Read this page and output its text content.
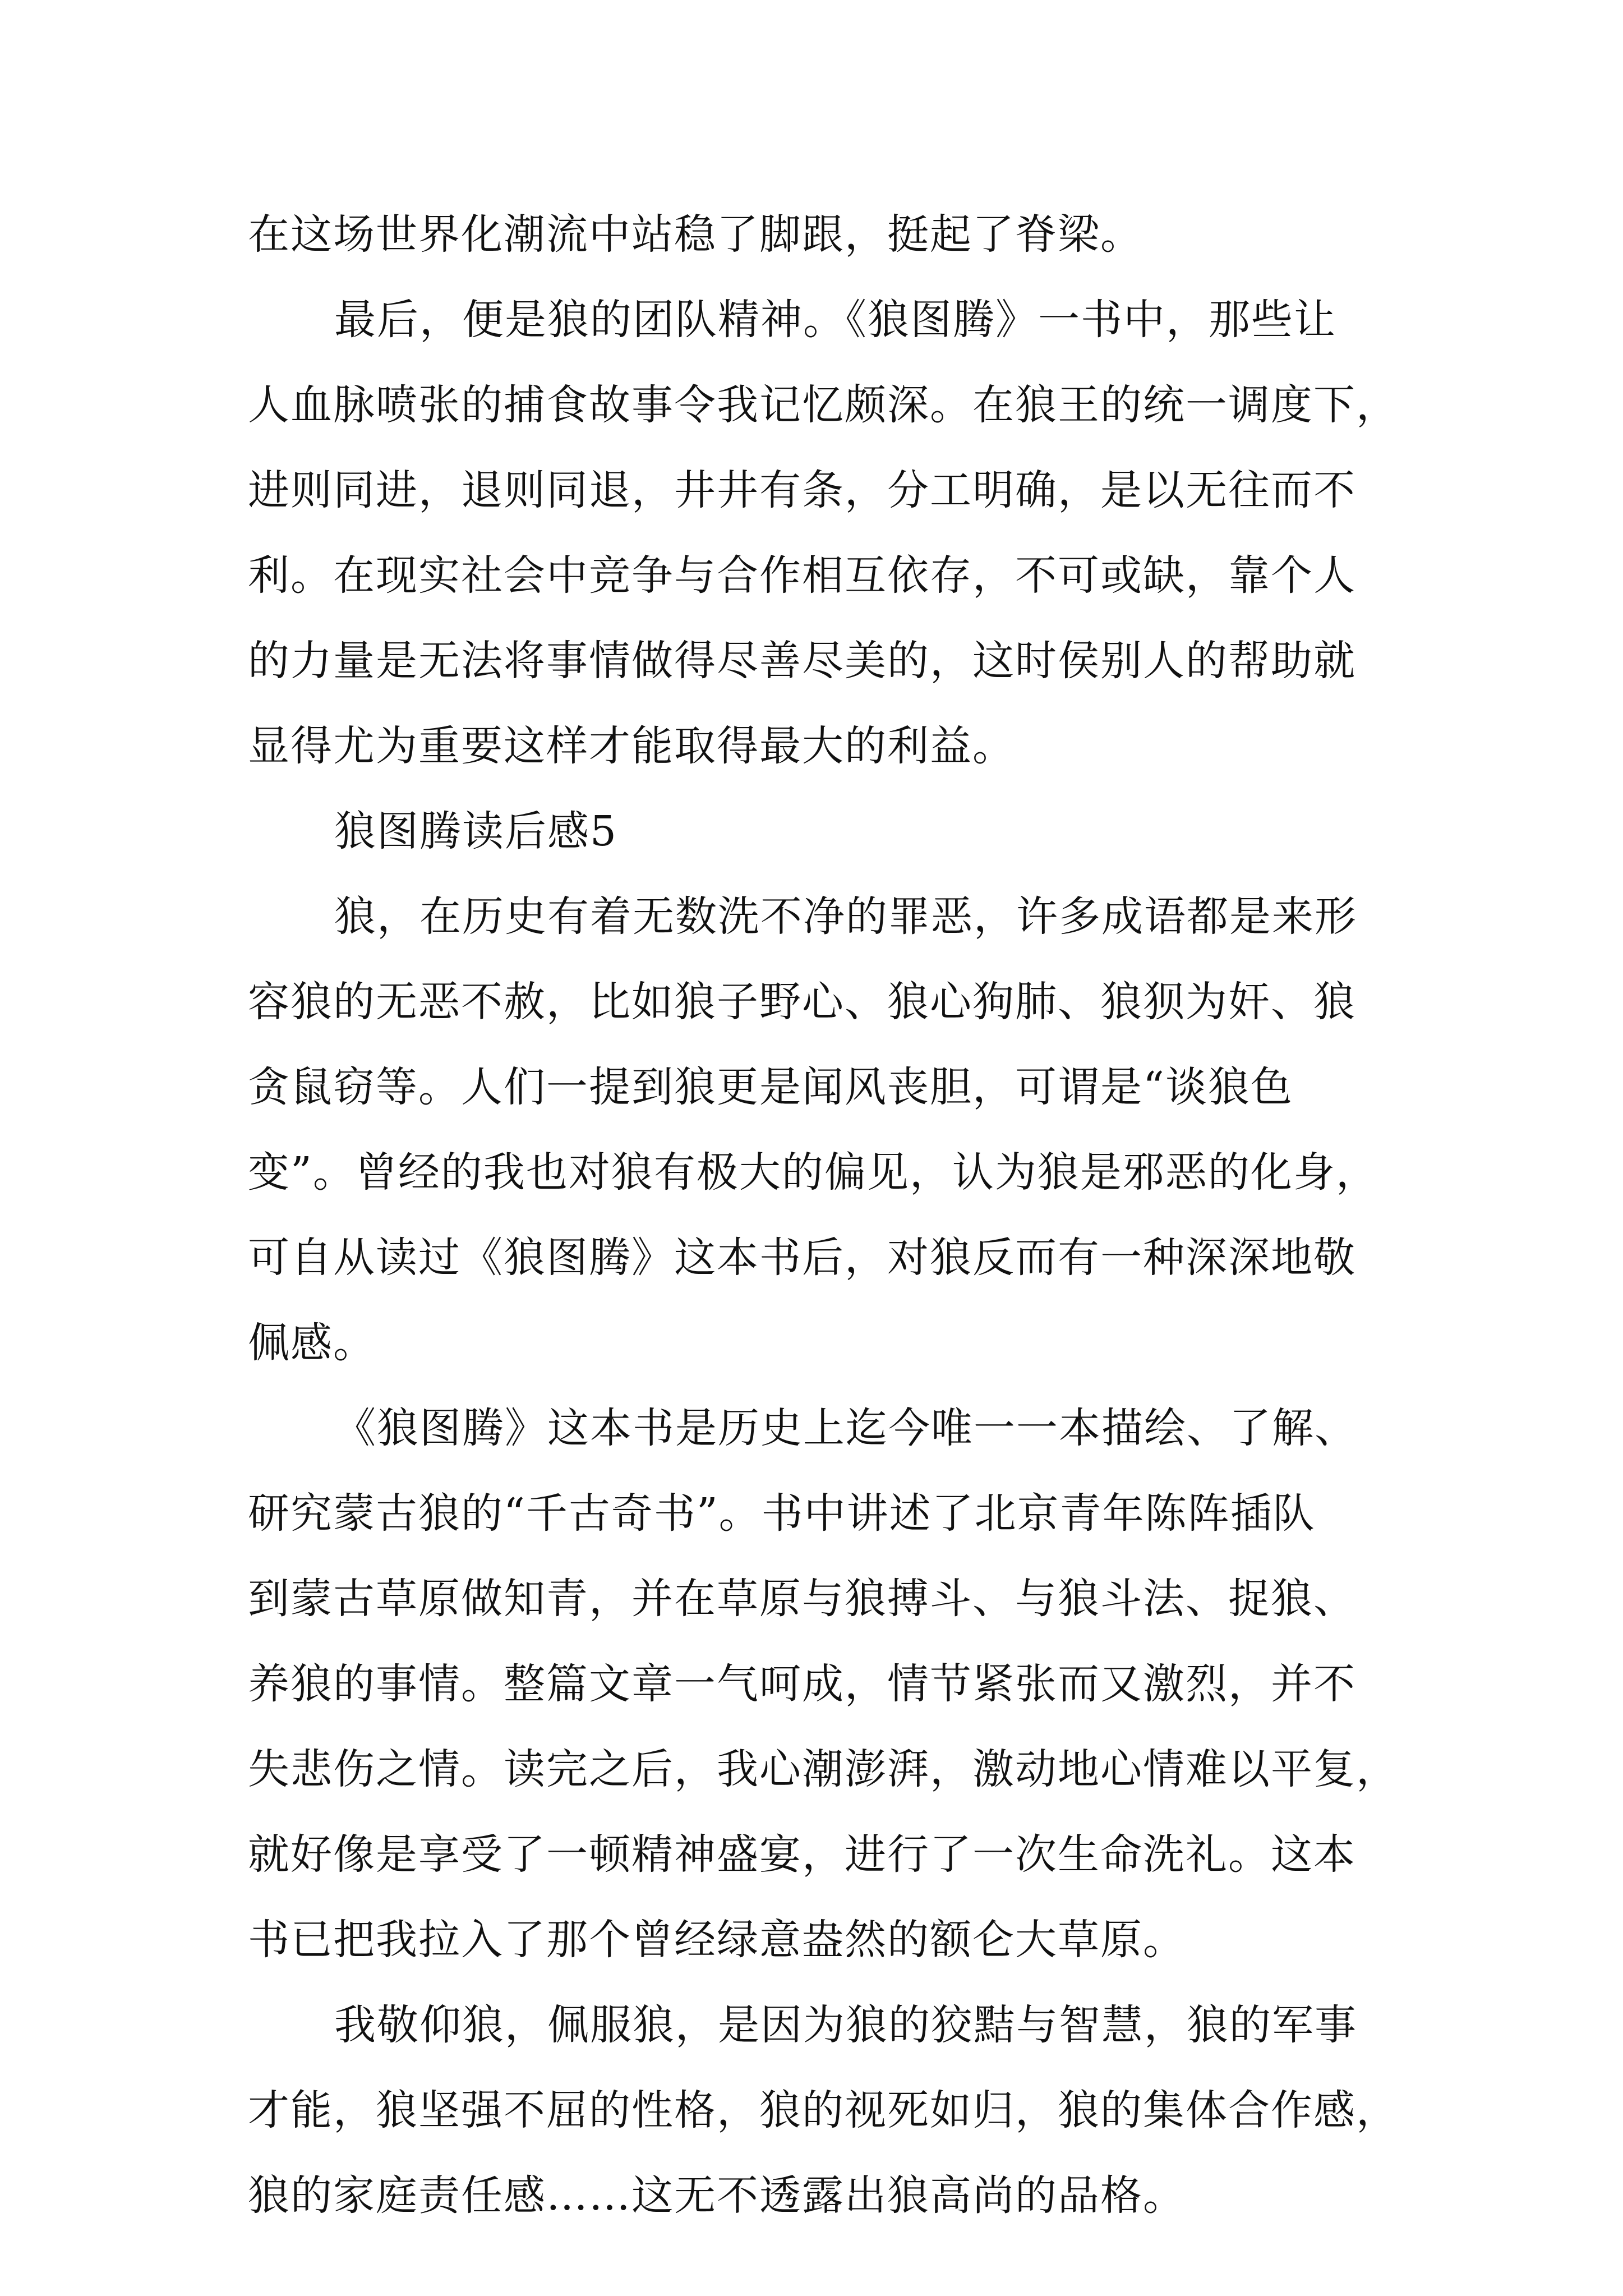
在这场世界化潮流中站稳了脚跟，挺起了脊梁。
最后，便是狼的团队精神。《狼图腾》一书中，那些让
人血脉喷张的捕食故事令我记忆颇深。在狼王的统一调度下，
进则同进，退则同退，井井有条，分工明确，是以无往而不
利。在现实社会中竞争与合作相互依存，不可或缺，靠个人
的力量是无法将事情做得尽善尽美的，这时侯别人的帮助就
显得尤为重要这样才能取得最大的利益。
狼图腾读后感5
狼，在历史有着无数洗不净的罪恶，许多成语都是来形
容狼的无恶不赦，比如狼子野心、狼心狗肺、狼狈为奸、狼
贪鼠窃等。人们一提到狼更是闻风丧胆，可谓是“谈狼色
变”。曾经的我也对狼有极大的偏见，认为狼是邪恶的化身，
可自从读过《狼图腾》这本书后，对狼反而有一种深深地敬
佩感。
《狼图腾》这本书是历史上迄今唯一一本描绘、了解、
研究蒙古狼的“千古奇书”。书中讲述了北京青年陈阵插队
到蒙古草原做知青，并在草原与狼搏斗、与狼斗法、捉狼、
养狼的事情。整篇文章一气呵成，情节紧张而又激烈，并不
失悲伤之情。读完之后，我心潮澎湃，激动地心情难以平复，
就好像是享受了一顿精神盛宴，进行了一次生命洗礼。这本
书已把我拉入了那个曾经绿意盎然的额仑大草原。
我敬仰狼，佩服狼，是因为狼的狡黠与智慧，狼的军事
才能，狼坚强不屈的性格，狼的视死如归，狼的集体合作感，
狼的家庭责任感……这无不透露出狼高尚的品格。
